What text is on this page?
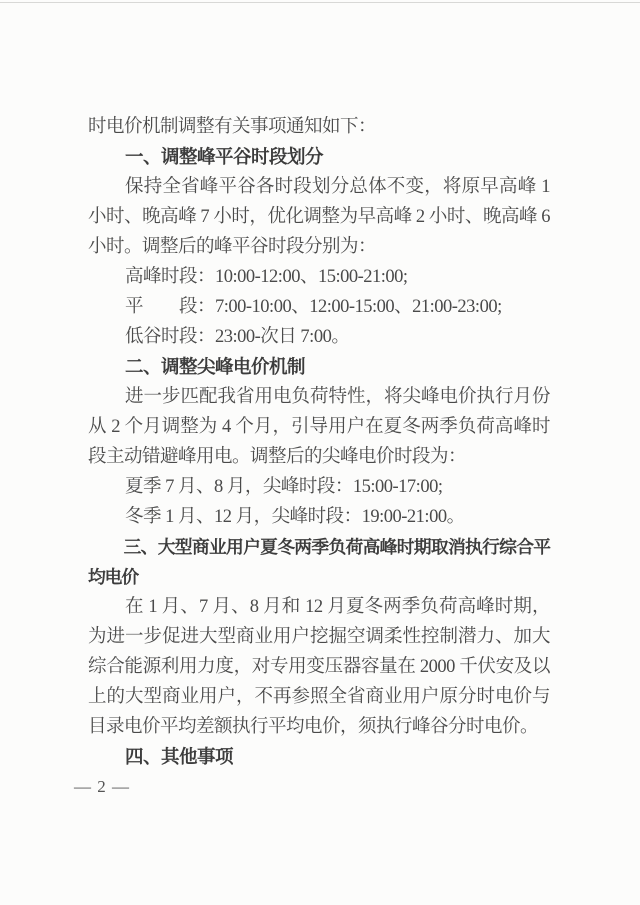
时电价机制调整有关事项通知如下：

一、调整峰平谷时段划分

保持全省峰平谷各时段划分总体不变，将原早高峰 1 小时、晚高峰 7 小时，优化调整为早高峰 2 小时、晚高峰 6 小时。调整后的峰平谷时段分别为：

高峰时段：10:00-12:00、15:00-21:00;

平　　段：7:00-10:00、12:00-15:00、21:00-23:00;

低谷时段：23:00-次日 7:00。

二、调整尖峰电价机制

进一步匹配我省用电负荷特性，将尖峰电价执行月份从 2 个月调整为 4 个月，引导用户在夏冬两季负荷高峰时段主动错避峰用电。调整后的尖峰电价时段为：

夏季 7 月、8 月，尖峰时段：15:00-17:00;

冬季 1 月、12 月，尖峰时段：19:00-21:00。

三、大型商业用户夏冬两季负荷高峰时期取消执行综合平均电价

在 1 月、7 月、8 月和 12 月夏冬两季负荷高峰时期，为进一步促进大型商业用户挖掘空调柔性控制潜力、加大综合能源利用力度，对专用变压器容量在 2000 千伏安及以上的大型商业用户，不再参照全省商业用户原分时电价与目录电价平均差额执行平均电价，须执行峰谷分时电价。

四、其他事项

— 2 —
